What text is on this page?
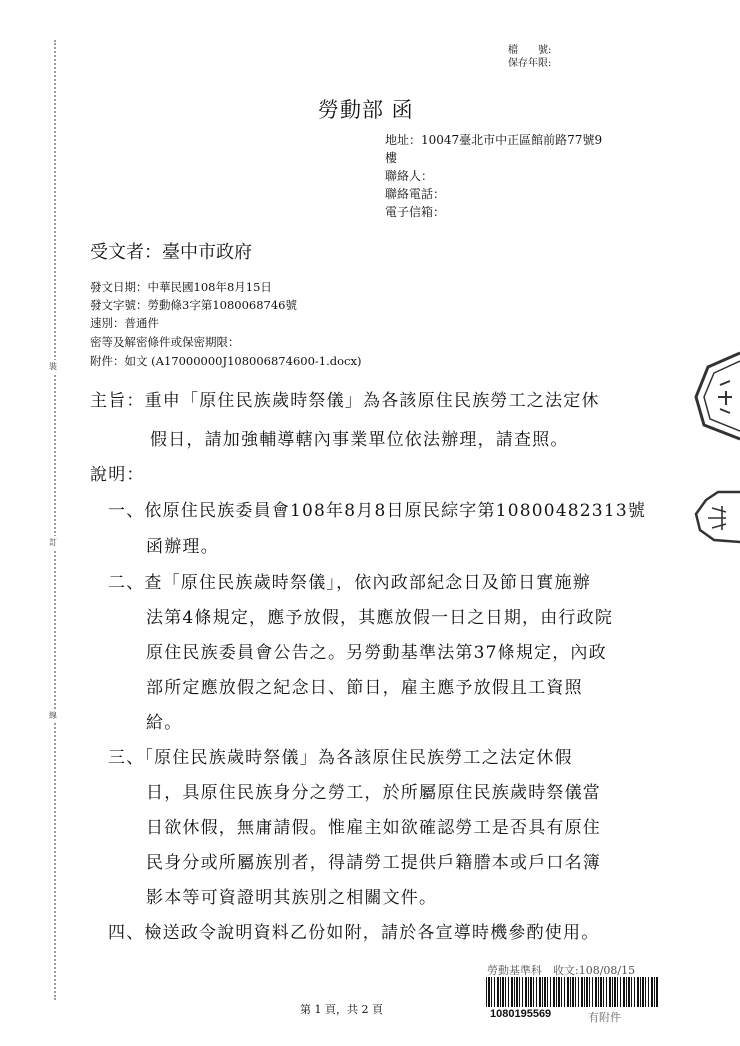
裝
訂
線
檔　　號:
保存年限:
勞動部 函
地址：10047臺北市中正區館前路77號9
樓
聯絡人：
聯絡電話：
電子信箱：
受文者：臺中市政府
發文日期：中華民國108年8月15日
發文字號：勞動條3字第1080068746號
速別：普通件
密等及解密條件或保密期限：
附件：如文 (A17000000J108006874600-1.docx)
主旨：重申「原住民族歲時祭儀」為各該原住民族勞工之法定休
假日，請加強輔導轄內事業單位依法辦理，請查照。
說明：
一、依原住民族委員會108年8月8日原民綜字第10800482313號
函辦理。
二、查「原住民族歲時祭儀」，依內政部紀念日及節日實施辦
法第4條規定，應予放假，其應放假一日之日期，由行政院
原住民族委員會公告之。另勞動基準法第37條規定，內政
部所定應放假之紀念日、節日，雇主應予放假且工資照
給。
三、「原住民族歲時祭儀」為各該原住民族勞工之法定休假
日，具原住民族身分之勞工，於所屬原住民族歲時祭儀當
日欲休假，無庸請假。惟雇主如欲確認勞工是否具有原住
民身分或所屬族別者，得請勞工提供戶籍謄本或戶口名簿
影本等可資證明其族別之相關文件。
四、檢送政令說明資料乙份如附，請於各宣導時機參酌使用。
勞動基準科　收文:108/08/15
1080195569	有附件
第 1 頁，共 2 頁
